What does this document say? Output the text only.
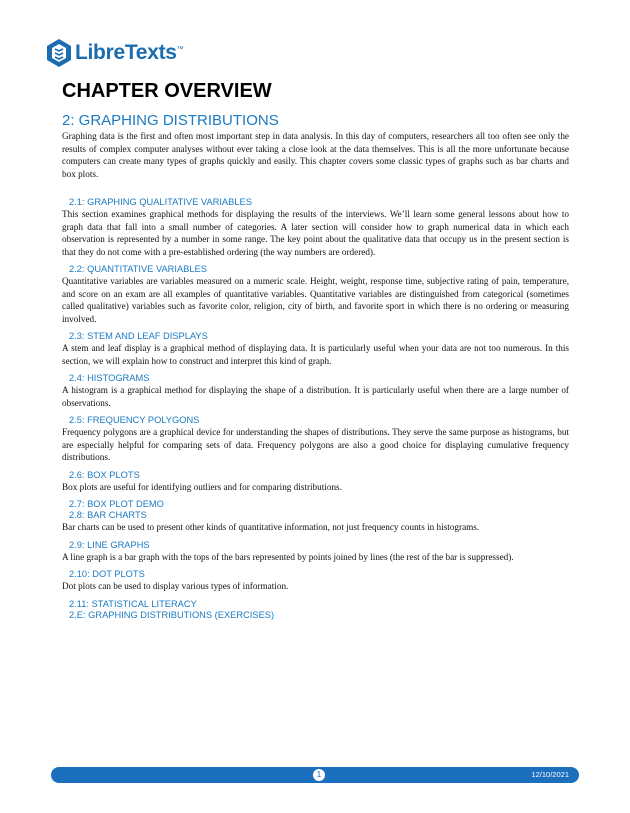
LibreTexts™
CHAPTER OVERVIEW
2: GRAPHING DISTRIBUTIONS

Graphing data is the first and often most important step in data analysis. In this day of computers, researchers all too often see only the results of complex computer analyses without ever taking a close look at the data themselves. This is all the more unfortunate because computers can create many types of graphs quickly and easily. This chapter covers some classic types of graphs such as bar charts and box plots.

2.1: GRAPHING QUALITATIVE VARIABLES

This section examines graphical methods for displaying the results of the interviews. We’ll learn some general lessons about how to graph data that fall into a small number of categories. A later section will consider how to graph numerical data in which each observation is represented by a number in some range. The key point about the qualitative data that occupy us in the present section is that they do not come with a pre-established ordering (the way numbers are ordered).

2.2: QUANTITATIVE VARIABLES

Quantitative variables are variables measured on a numeric scale. Height, weight, response time, subjective rating of pain, temperature, and score on an exam are all examples of quantitative variables. Quantitative variables are distinguished from categorical (sometimes called qualitative) variables such as favorite color, religion, city of birth, and favorite sport in which there is no ordering or measuring involved.

2.3: STEM AND LEAF DISPLAYS

A stem and leaf display is a graphical method of displaying data. It is particularly useful when your data are not too numerous. In this section, we will explain how to construct and interpret this kind of graph.

2.4: HISTOGRAMS

A histogram is a graphical method for displaying the shape of a distribution. It is particularly useful when there are a large number of observations.

2.5: FREQUENCY POLYGONS

Frequency polygons are a graphical device for understanding the shapes of distributions. They serve the same purpose as histograms, but are especially helpful for comparing sets of data. Frequency polygons are also a good choice for displaying cumulative frequency distributions.

2.6: BOX PLOTS

Box plots are useful for identifying outliers and for comparing distributions.

2.7: BOX PLOT DEMO
2.8: BAR CHARTS

Bar charts can be used to present other kinds of quantitative information, not just frequency counts in histograms.

2.9: LINE GRAPHS

A line graph is a bar graph with the tops of the bars represented by points joined by lines (the rest of the bar is suppressed).

2.10: DOT PLOTS

Dot plots can be used to display various types of information.

2.11: STATISTICAL LITERACY
2.E: GRAPHING DISTRIBUTIONS (EXERCISES)
1	12/10/2021
